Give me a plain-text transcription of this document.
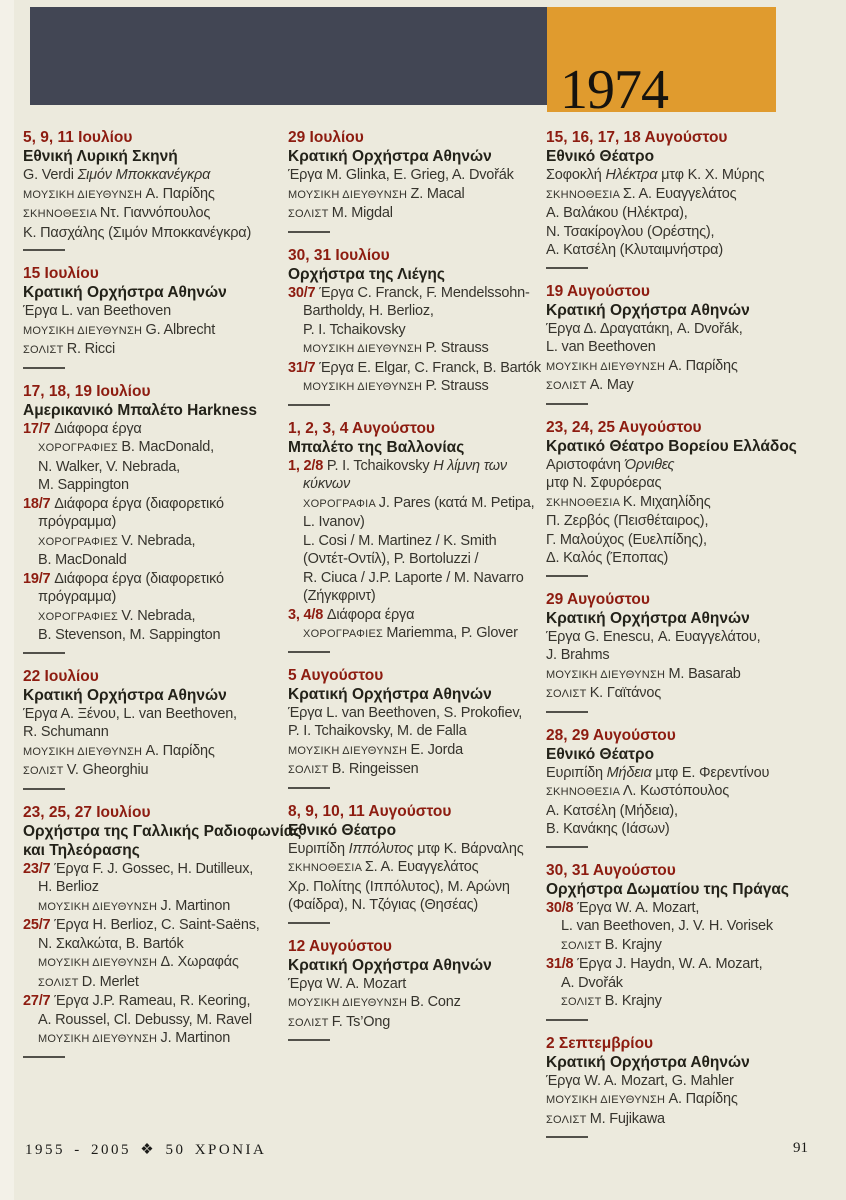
1974
5, 9, 11 Ιουλίου
Εθνική Λυρική Σκηνή
G. Verdi Σιμόν Μποκκανέγκρα
ΜΟΥΣΙΚΗ ΔΙΕΥΘΥΝΣΗ Α. Παρίδης
ΣΚΗΝΟΘΕΣΙΑ Ντ. Γιαννόπουλος
Κ. Πασχάλης (Σιμόν Μποκκανέγκρα)
15 Ιουλίου
Κρατική Ορχήστρα Αθηνών
Έργα L. van Beethoven
ΜΟΥΣΙΚΗ ΔΙΕΥΘΥΝΣΗ G. Albrecht
ΣΟΛΙΣΤ R. Ricci
17, 18, 19 Ιουλίου
Αμερικανικό Μπαλέτο Harkness
17/7 Διάφορα έργα
ΧΟΡΟΓΡΑΦΙΕΣ B. MacDonald,
N. Walker, V. Nebrada,
M. Sappington
18/7 Διάφορα έργα (διαφορετικό
πρόγραμμα)
ΧΟΡΟΓΡΑΦΙΕΣ V. Nebrada,
B. MacDonald
19/7 Διάφορα έργα (διαφορετικό
πρόγραμμα)
ΧΟΡΟΓΡΑΦΙΕΣ V. Nebrada,
B. Stevenson, M. Sappington
22 Ιουλίου
Κρατική Ορχήστρα Αθηνών
Έργα Α. Ξένου, L. van Beethoven,
R. Schumann
ΜΟΥΣΙΚΗ ΔΙΕΥΘΥΝΣΗ Α. Παρίδης
ΣΟΛΙΣΤ V. Gheorghiu
23, 25, 27 Ιουλίου
Ορχήστρα της Γαλλικής Ραδιοφωνίας
και Τηλεόρασης
23/7 Έργα F. J. Gossec, H. Dutilleux,
H. Berlioz
ΜΟΥΣΙΚΗ ΔΙΕΥΘΥΝΣΗ J. Martinon
25/7 Έργα H. Berlioz, C. Saint-Saëns,
Ν. Σκαλκώτα, B. Bartók
ΜΟΥΣΙΚΗ ΔΙΕΥΘΥΝΣΗ Δ. Χωραφάς
ΣΟΛΙΣΤ D. Merlet
27/7 Έργα J.P. Rameau, R. Keoring,
A. Roussel, Cl. Debussy, M. Ravel
ΜΟΥΣΙΚΗ ΔΙΕΥΘΥΝΣΗ J. Martinon
29 Ιουλίου
Κρατική Ορχήστρα Αθηνών
Έργα M. Glinka, E. Grieg, A. Dvořák
ΜΟΥΣΙΚΗ ΔΙΕΥΘΥΝΣΗ Z. Macal
ΣΟΛΙΣΤ M. Migdal
30, 31 Ιουλίου
Ορχήστρα της Λιέγης
30/7 Έργα C. Franck, F. Mendelssohn-
Bartholdy, H. Berlioz,
P. I. Tchaikovsky
ΜΟΥΣΙΚΗ ΔΙΕΥΘΥΝΣΗ P. Strauss
31/7 Έργα E. Elgar, C. Franck, B. Bartók
ΜΟΥΣΙΚΗ ΔΙΕΥΘΥΝΣΗ P. Strauss
1, 2, 3, 4 Αυγούστου
Μπαλέτο της Βαλλονίας
1, 2/8 P. I. Tchaikovsky Η λίμνη των
κύκνων
ΧΟΡΟΓΡΑΦΙΑ J. Pares (κατά M. Petipa,
L. Ivanov)
L. Cosi / M. Martinez / K. Smith
(Οντέτ-Οντίλ), P. Bortoluzzi /
R. Ciuca / J.P. Laporte / M. Navarro
(Ζήγκφριντ)
3, 4/8 Διάφορα έργα
ΧΟΡΟΓΡΑΦΙΕΣ Mariemma, P. Glover
5 Αυγούστου
Κρατική Ορχήστρα Αθηνών
Έργα L. van Beethoven, S. Prokofiev,
P. I. Tchaikovsky, M. de Falla
ΜΟΥΣΙΚΗ ΔΙΕΥΘΥΝΣΗ E. Jorda
ΣΟΛΙΣΤ B. Ringeissen
8, 9, 10, 11 Αυγούστου
Εθνικό Θέατρο
Ευριπίδη Ιππόλυτος μτφ Κ. Βάρναλης
ΣΚΗΝΟΘΕΣΙΑ Σ. Α. Ευαγγελάτος
Χρ. Πολίτης (Ιππόλυτος), Μ. Αρώνη
(Φαίδρα), Ν. Τζόγιας (Θησέας)
12 Αυγούστου
Κρατική Ορχήστρα Αθηνών
Έργα W. A. Mozart
ΜΟΥΣΙΚΗ ΔΙΕΥΘΥΝΣΗ B. Conz
ΣΟΛΙΣΤ F. Ts’Ong
15, 16, 17, 18 Αυγούστου
Εθνικό Θέατρο
Σοφοκλή Ηλέκτρα μτφ Κ. Χ. Μύρης
ΣΚΗΝΟΘΕΣΙΑ Σ. Α. Ευαγγελάτος
Α. Βαλάκου (Ηλέκτρα),
Ν. Τσακίρογλου (Ορέστης),
Α. Κατσέλη (Κλυταιμνήστρα)
19 Αυγούστου
Κρατική Ορχήστρα Αθηνών
Έργα Δ. Δραγατάκη, A. Dvořák,
L. van Beethoven
ΜΟΥΣΙΚΗ ΔΙΕΥΘΥΝΣΗ Α. Παρίδης
ΣΟΛΙΣΤ A. May
23, 24, 25 Αυγούστου
Κρατικό Θέατρο Βορείου Ελλάδος
Αριστοφάνη Όρνιθες
μτφ Ν. Σφυρόερας
ΣΚΗΝΟΘΕΣΙΑ Κ. Μιχαηλίδης
Π. Ζερβός (Πεισθέταιρος),
Γ. Μαλούχος (Ευελπίδης),
Δ. Καλός (Έποπας)
29 Αυγούστου
Κρατική Ορχήστρα Αθηνών
Έργα G. Enescu, Α. Ευαγγελάτου,
J. Brahms
ΜΟΥΣΙΚΗ ΔΙΕΥΘΥΝΣΗ M. Basarab
ΣΟΛΙΣΤ Κ. Γαϊτάνος
28, 29 Αυγούστου
Εθνικό Θέατρο
Ευριπίδη Μήδεια μτφ Ε. Φερεντίνου
ΣΚΗΝΟΘΕΣΙΑ Λ. Κωστόπουλος
Α. Κατσέλη (Μήδεια),
Β. Κανάκης (Ιάσων)
30, 31 Αυγούστου
Ορχήστρα Δωματίου της Πράγας
30/8 Έργα W. A. Mozart,
L. van Beethoven, J. V. H. Vorisek
ΣΟΛΙΣΤ B. Krajny
31/8 Έργα J. Haydn, W. A. Mozart,
A. Dvořák
ΣΟΛΙΣΤ B. Krajny
2 Σεπτεμβρίου
Κρατική Ορχήστρα Αθηνών
Έργα W. A. Mozart, G. Mahler
ΜΟΥΣΙΚΗ ΔΙΕΥΘΥΝΣΗ Α. Παρίδης
ΣΟΛΙΣΤ M. Fujikawa
1955 - 2005 ❖ 50 ΧΡΟΝΙΑ	91
